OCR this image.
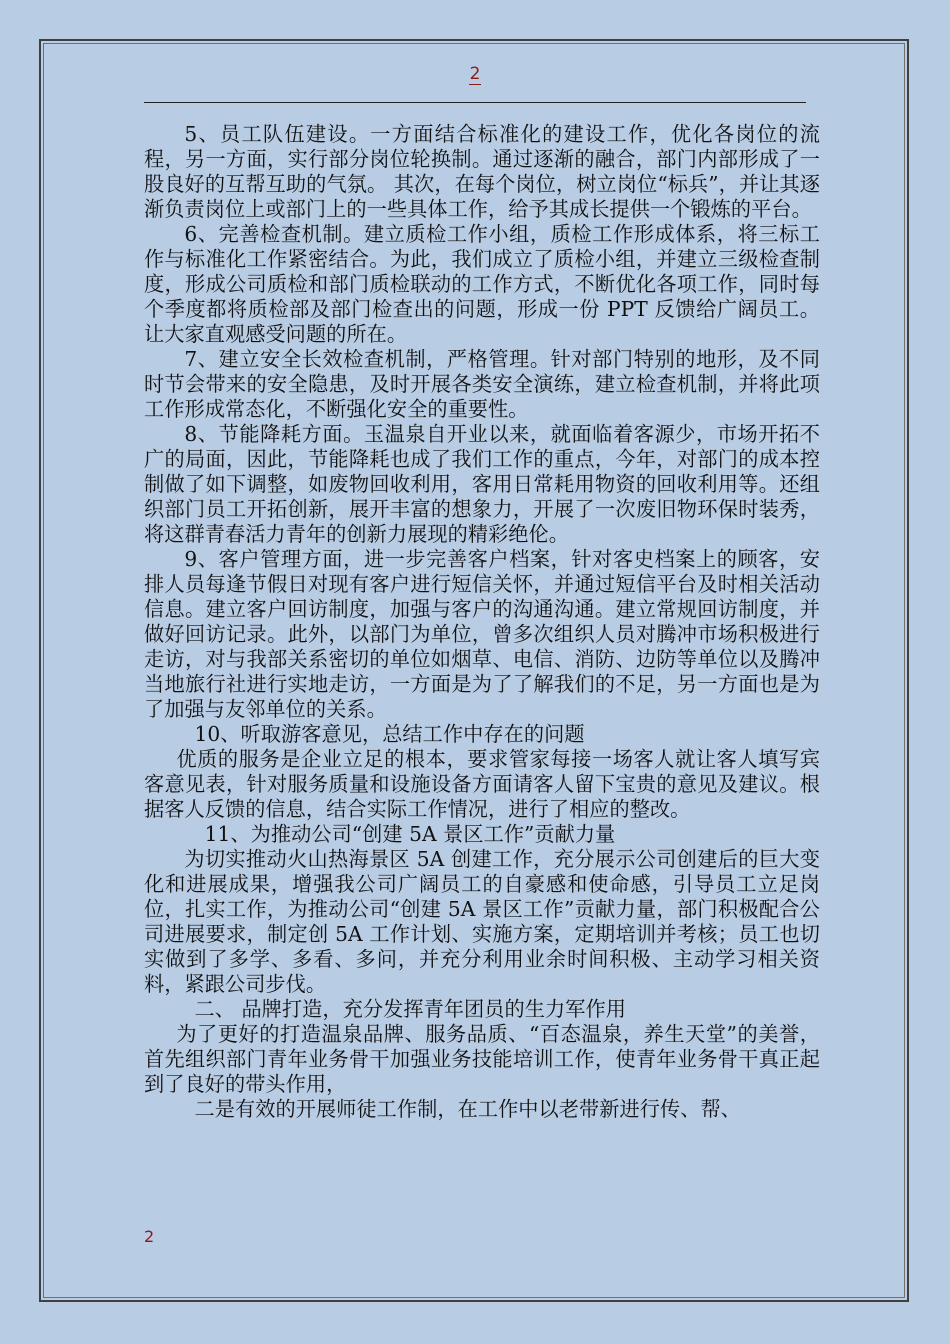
2

5、员工队伍建设。一方面结合标准化的建设工作，优化各岗位的流程，另一方面，实行部分岗位轮换制。通过逐渐的融合，部门内部形成了一股良好的互帮互助的气氛。 其次，在每个岗位，树立岗位“标兵”，并让其逐渐负责岗位上或部门上的一些具体工作，给予其成长提供一个锻炼的平台。

6、完善检查机制。建立质检工作小组，质检工作形成体系，将三标工作与标准化工作紧密结合。为此，我们成立了质检小组，并建立三级检查制度，形成公司质检和部门质检联动的工作方式，不断优化各项工作，同时每个季度都将质检部及部门检查出的问题，形成一份 PPT 反馈给广阔员工。让大家直观感受问题的所在。

7、建立安全长效检查机制，严格管理。针对部门特别的地形，及不同时节会带来的安全隐患，及时开展各类安全演练，建立检查机制，并将此项工作形成常态化，不断强化安全的重要性。

8、节能降耗方面。玉温泉自开业以来，就面临着客源少，市场开拓不广的局面，因此，节能降耗也成了我们工作的重点，今年，对部门的成本控制做了如下调整，如废物回收利用，客用日常耗用物资的回收利用等。还组织部门员工开拓创新，展开丰富的想象力，开展了一次废旧物环保时装秀，将这群青春活力青年的创新力展现的精彩绝伦。

9、客户管理方面，进一步完善客户档案，针对客史档案上的顾客，安排人员每逢节假日对现有客户进行短信关怀，并通过短信平台及时相关活动信息。建立客户回访制度，加强与客户的沟通沟通。建立常规回访制度，并做好回访记录。此外，以部门为单位，曾多次组织人员对腾冲市场积极进行走访，对与我部关系密切的单位如烟草、电信、消防、边防等单位以及腾冲当地旅行社进行实地走访，一方面是为了了解我们的不足，另一方面也是为了加强与友邻单位的关系。

10、听取游客意见，总结工作中存在的问题

优质的服务是企业立足的根本，要求管家每接一场客人就让客人填写宾客意见表，针对服务质量和设施设备方面请客人留下宝贵的意见及建议。根据客人反馈的信息，结合实际工作情况，进行了相应的整改。

11、为推动公司“创建 5A 景区工作”贡献力量

为切实推动火山热海景区 5A 创建工作，充分展示公司创建后的巨大变化和进展成果，增强我公司广阔员工的自豪感和使命感，引导员工立足岗位，扎实工作，为推动公司“创建 5A 景区工作”贡献力量，部门积极配合公司进展要求，制定创 5A 工作计划、实施方案，定期培训并考核；员工也切实做到了多学、多看、多问，并充分利用业余时间积极、主动学习相关资料，紧跟公司步伐。

二、 品牌打造，充分发挥青年团员的生力军作用

为了更好的打造温泉品牌、服务品质、“百态温泉，养生天堂”的美誉，首先组织部门青年业务骨干加强业务技能培训工作，使青年业务骨干真正起到了良好的带头作用，

二是有效的开展师徒工作制，在工作中以老带新进行传、帮、

2
